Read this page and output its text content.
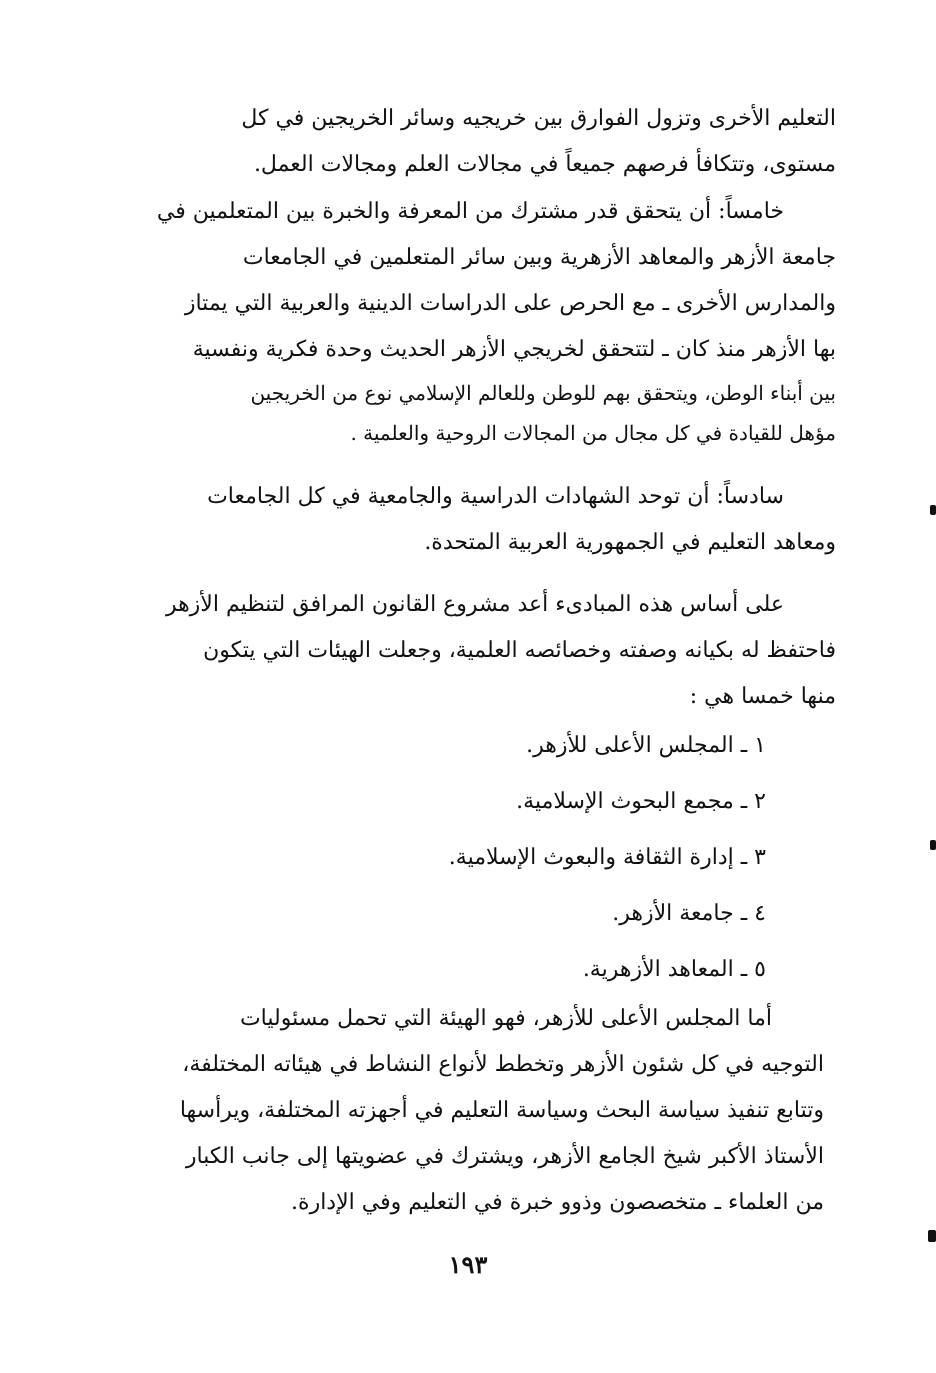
التعليم الأخرى وتزول الفوارق بين خريجيه وسائر الخريجين في كل
مستوى، وتتكافأ فرصهم جميعاً في مجالات العلم ومجالات العمل.
خامساً: أن يتحقق قدر مشترك من المعرفة والخبرة بين المتعلمين في
جامعة الأزهر والمعاهد الأزهرية وبين سائر المتعلمين في الجامعات
والمدارس الأخرى ـ مع الحرص على الدراسات الدينية والعربية التي يمتاز
بها الأزهر منذ كان ـ لتتحقق لخريجي الأزهر الحديث وحدة فكرية ونفسية
بين أبناء الوطن، ويتحقق بهم للوطن وللعالم الإسلامي نوع من الخريجين
مؤهل للقيادة في كل مجال من المجالات الروحية والعلمية .
سادساً: أن توحد الشهادات الدراسية والجامعية في كل الجامعات
ومعاهد التعليم في الجمهورية العربية المتحدة.
على أساس هذه المبادىء أعد مشروع القانون المرافق لتنظيم الأزهر
فاحتفظ له بكيانه وصفته وخصائصه العلمية، وجعلت الهيئات التي يتكون
منها خمسا هي :
١ ـ المجلس الأعلى للأزهر.
٢ ـ مجمع البحوث الإسلامية.
٣ ـ إدارة الثقافة والبعوث الإسلامية.
٤ ـ جامعة الأزهر.
٥ ـ المعاهد الأزهرية.
أما المجلس الأعلى للأزهر، فهو الهيئة التي تحمل مسئوليات
التوجيه في كل شئون الأزهر وتخطط لأنواع النشاط في هيئاته المختلفة،
وتتابع تنفيذ سياسة البحث وسياسة التعليم في أجهزته المختلفة، ويرأسها
الأستاذ الأكبر شيخ الجامع الأزهر، ويشترك في عضويتها إلى جانب الكبار
من العلماء ـ متخصصون وذوو خبرة في التعليم وفي الإدارة.
١٩٣
